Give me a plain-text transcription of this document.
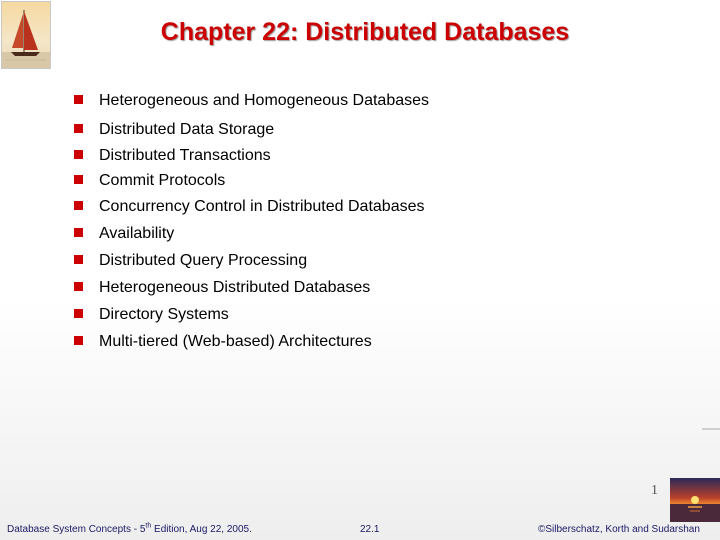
Chapter 22: Distributed Databases
Heterogeneous and Homogeneous Databases
Distributed Data Storage
Distributed Transactions
Commit Protocols
Concurrency Control in Distributed Databases
Availability
Distributed Query Processing
Heterogeneous Distributed Databases
Directory Systems
Multi-tiered (Web-based) Architectures
1
Database System Concepts - 5th Edition, Aug 22, 2005.	22.1	©Silberschatz, Korth and Sudarshan
